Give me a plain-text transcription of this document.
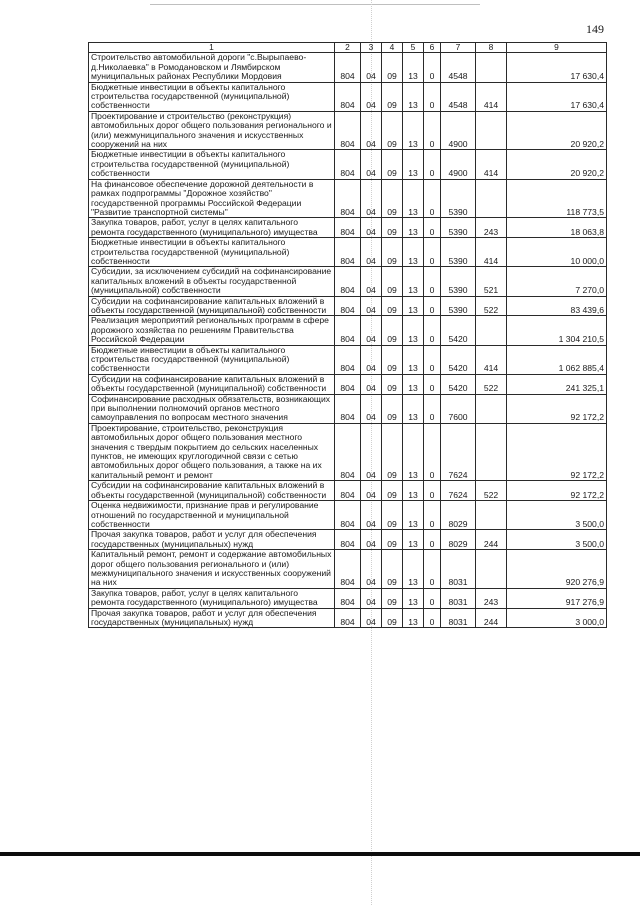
149
1	2	3	4	5	6	7	8	9
Строительство автомобильной дороги "с.Вырыпаево-д.Николаевка" в Ромодановском и Лямбирском муниципальных районах Республики Мордовия	804	04	09	13	0	4548		17 630,4
Бюджетные инвестиции в объекты капитального строительства государственной (муниципальной) собственности	804	04	09	13	0	4548	414	17 630,4
Проектирование и строительство (реконструкция) автомобильных дорог общего пользования регионального и (или) межмуниципального значения и искусственных сооружений на них	804	04	09	13	0	4900		20 920,2
Бюджетные инвестиции в объекты капитального строительства государственной (муниципальной) собственности	804	04	09	13	0	4900	414	20 920,2
На финансовое обеспечение дорожной деятельности в рамках подпрограммы "Дорожное хозяйство" государственной программы Российской Федерации "Развитие транспортной системы"	804	04	09	13	0	5390		118 773,5
Закупка товаров, работ, услуг в целях капитального ремонта государственного (муниципального) имущества	804	04	09	13	0	5390	243	18 063,8
Бюджетные инвестиции в объекты капитального строительства государственной (муниципальной) собственности	804	04	09	13	0	5390	414	10 000,0
Субсидии, за исключением субсидий на софинансирование капитальных вложений в объекты государственной (муниципальной) собственности	804	04	09	13	0	5390	521	7 270,0
Субсидии на софинансирование капитальных вложений в объекты государственной (муниципальной) собственности	804	04	09	13	0	5390	522	83 439,6
Реализация мероприятий региональных программ в сфере дорожного хозяйства по решениям Правительства Российской Федерации	804	04	09	13	0	5420		1 304 210,5
Бюджетные инвестиции в объекты капитального строительства государственной (муниципальной) собственности	804	04	09	13	0	5420	414	1 062 885,4
Субсидии на софинансирование капитальных вложений в объекты государственной (муниципальной) собственности	804	04	09	13	0	5420	522	241 325,1
Софинансирование расходных обязательств, возникающих при выполнении полномочий органов местного самоуправления по вопросам местного значения	804	04	09	13	0	7600		92 172,2
Проектирование, строительство, реконструкция автомобильных дорог общего пользования местного значения с твердым покрытием до сельских населенных пунктов, не имеющих круглогодичной связи с сетью автомобильных дорог общего пользования, а также на их капитальный ремонт и ремонт	804	04	09	13	0	7624		92 172,2
Субсидии на софинансирование капитальных вложений в объекты государственной (муниципальной) собственности	804	04	09	13	0	7624	522	92 172,2
Оценка недвижимости, признание прав и регулирование отношений по государственной и муниципальной собственности	804	04	09	13	0	8029		3 500,0
Прочая закупка товаров, работ и услуг для обеспечения государственных (муниципальных) нужд	804	04	09	13	0	8029	244	3 500,0
Капитальный ремонт, ремонт и содержание автомобильных дорог общего пользования регионального и (или) межмуниципального значения и искусственных сооружений на них	804	04	09	13	0	8031		920 276,9
Закупка товаров, работ, услуг в целях капитального ремонта государственного (муниципального) имущества	804	04	09	13	0	8031	243	917 276,9
Прочая закупка товаров, работ и услуг для обеспечения государственных (муниципальных) нужд	804	04	09	13	0	8031	244	3 000,0
